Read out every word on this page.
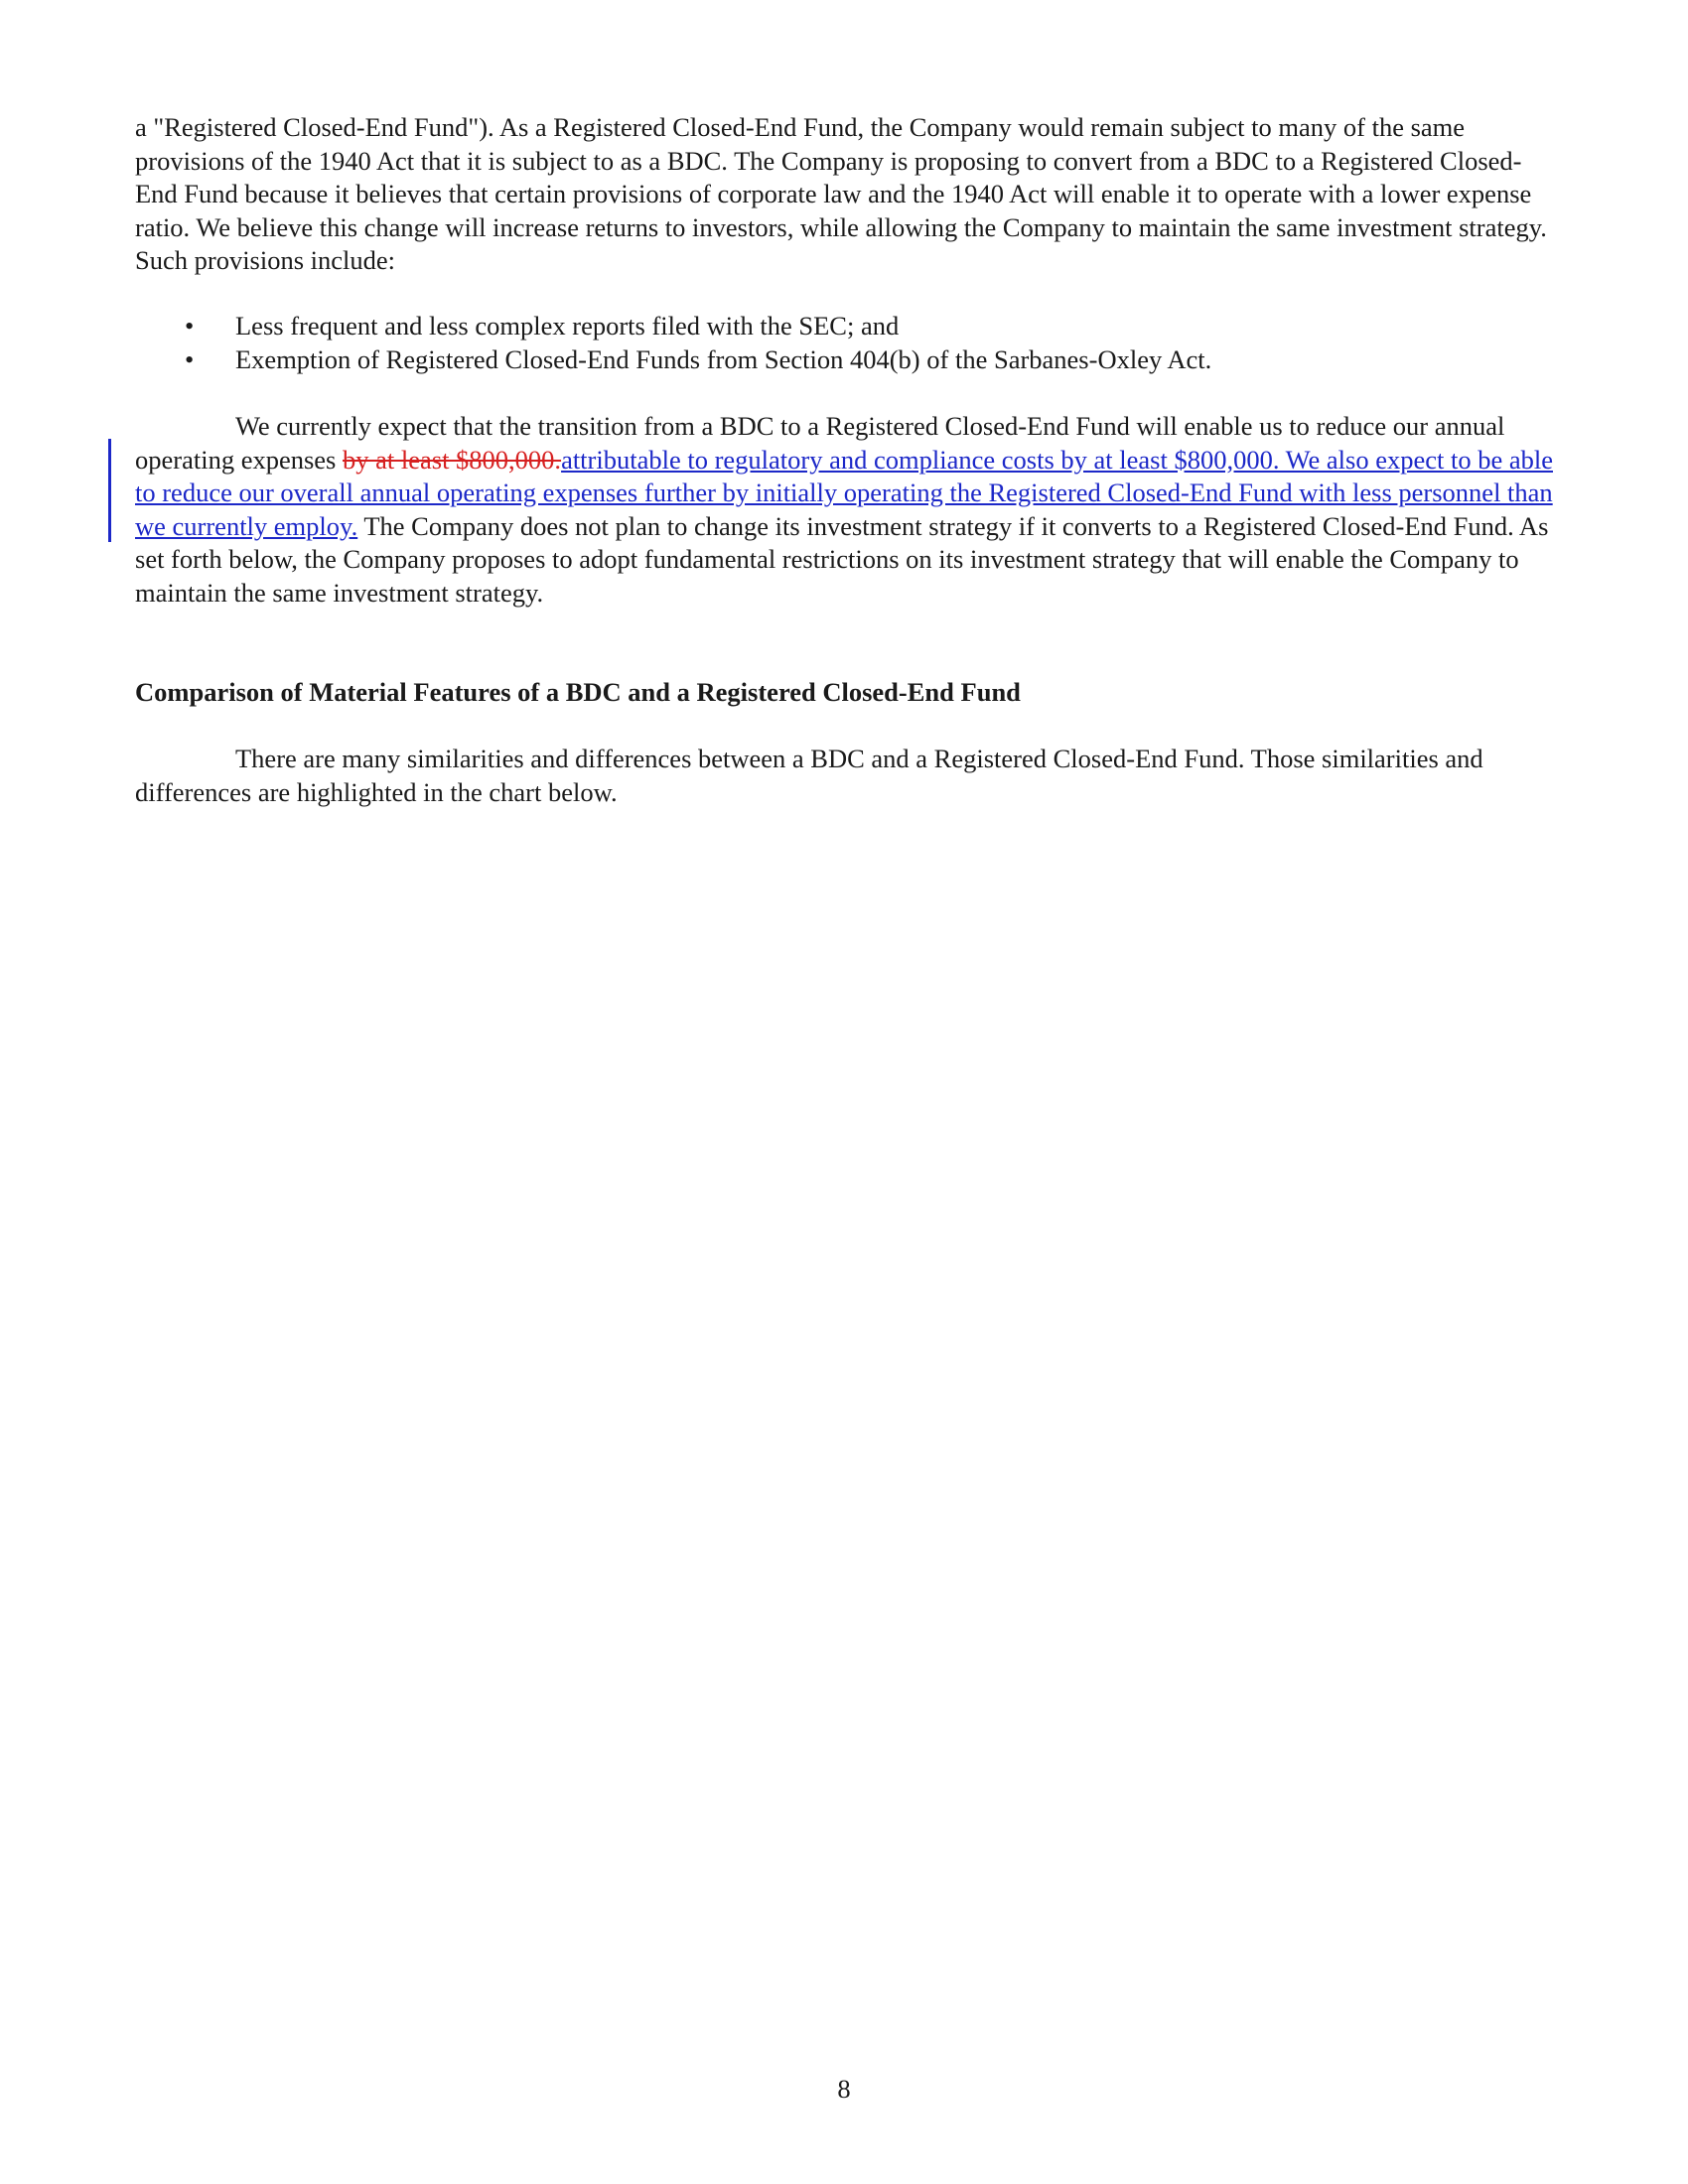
a "Registered Closed-End Fund"). As a Registered Closed-End Fund, the Company would remain subject to many of the same provisions of the 1940 Act that it is subject to as a BDC. The Company is proposing to convert from a BDC to a Registered Closed-End Fund because it believes that certain provisions of corporate law and the 1940 Act will enable it to operate with a lower expense ratio. We believe this change will increase returns to investors, while allowing the Company to maintain the same investment strategy. Such provisions include:

• Less frequent and less complex reports filed with the SEC; and
• Exemption of Registered Closed-End Funds from Section 404(b) of the Sarbanes-Oxley Act.

We currently expect that the transition from a BDC to a Registered Closed-End Fund will enable us to reduce our annual operating expenses by at least $800,000.attributable to regulatory and compliance costs by at least $800,000. We also expect to be able to reduce our overall annual operating expenses further by initially operating the Registered Closed-End Fund with less personnel than we currently employ. The Company does not plan to change its investment strategy if it converts to a Registered Closed-End Fund. As set forth below, the Company proposes to adopt fundamental restrictions on its investment strategy that will enable the Company to maintain the same investment strategy.

Comparison of Material Features of a BDC and a Registered Closed-End Fund

There are many similarities and differences between a BDC and a Registered Closed-End Fund. Those similarities and differences are highlighted in the chart below.

8
